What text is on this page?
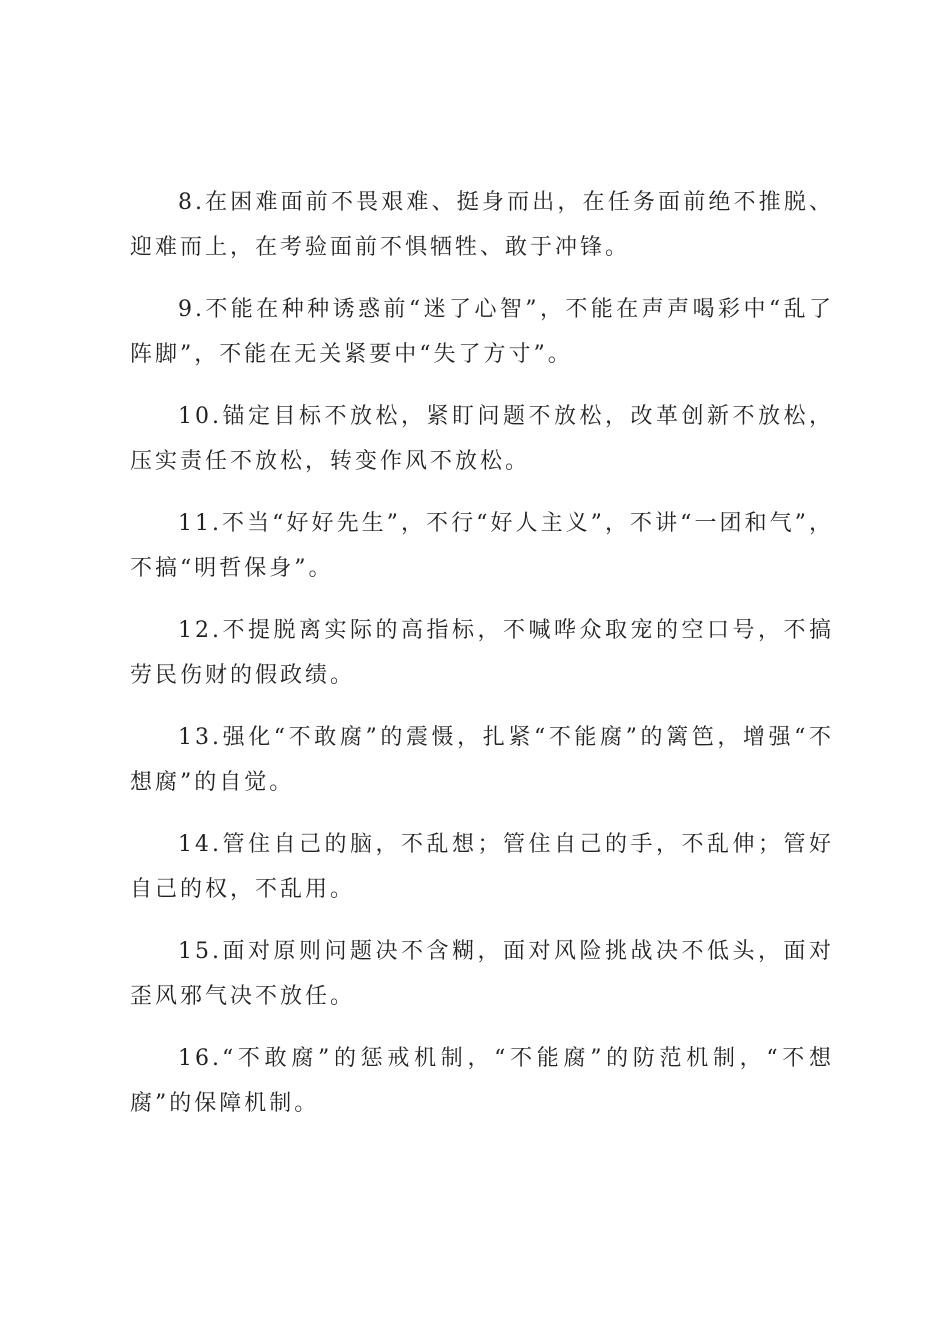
8.在困难面前不畏艰难、挺身而出，在任务面前绝不推脱、迎难而上，在考验面前不惧牺牲、敢于冲锋。

9.不能在种种诱惑前“迷了心智”，不能在声声喝彩中“乱了阵脚”，不能在无关紧要中“失了方寸”。

10.锚定目标不放松，紧盯问题不放松，改革创新不放松，压实责任不放松，转变作风不放松。

11.不当“好好先生”，不行“好人主义”，不讲“一团和气”，不搞“明哲保身”。

12.不提脱离实际的高指标，不喊哗众取宠的空口号，不搞劳民伤财的假政绩。

13.强化“不敢腐”的震慑，扎紧“不能腐”的篱笆，增强“不想腐”的自觉。

14.管住自己的脑，不乱想；管住自己的手，不乱伸；管好自己的权，不乱用。

15.面对原则问题决不含糊，面对风险挑战决不低头，面对歪风邪气决不放任。

16.“不敢腐”的惩戒机制，“不能腐”的防范机制，“不想腐”的保障机制。
